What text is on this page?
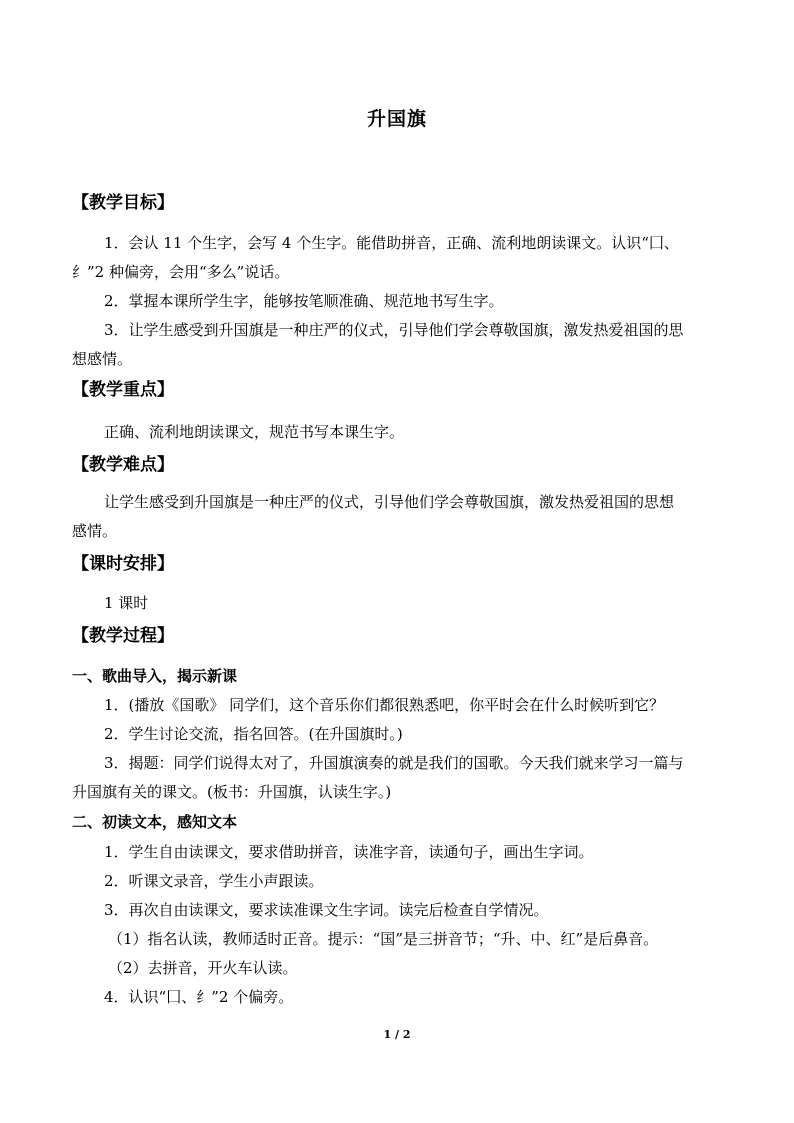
升国旗
【教学目标】
1．会认 11 个生字，会写 4 个生字。能借助拼音，正确、流利地朗读课文。认识“囗、
纟”2 种偏旁，会用“多么”说话。
2．掌握本课所学生字，能够按笔顺准确、规范地书写生字。
3．让学生感受到升国旗是一种庄严的仪式，引导他们学会尊敬国旗，激发热爱祖国的思
想感情。
【教学重点】
正确、流利地朗读课文，规范书写本课生字。
【教学难点】
让学生感受到升国旗是一种庄严的仪式，引导他们学会尊敬国旗，激发热爱祖国的思想
感情。
【课时安排】
1 课时
【教学过程】
一、歌曲导入，揭示新课
1．(播放《国歌》 同学们，这个音乐你们都很熟悉吧，你平时会在什么时候听到它？
2．学生讨论交流，指名回答。(在升国旗时。)
3．揭题：同学们说得太对了，升国旗演奏的就是我们的国歌。今天我们就来学习一篇与
升国旗有关的课文。(板书：升国旗，认读生字。)
二、初读文本，感知文本
1．学生自由读课文，要求借助拼音，读准字音，读通句子，画出生字词。
2．听课文录音，学生小声跟读。
3．再次自由读课文，要求读准课文生字词。读完后检查自学情况。
（1）指名认读，教师适时正音。提示：“国”是三拼音节；“升、中、红”是后鼻音。
（2）去拼音，开火车认读。
4．认识“囗、纟”2 个偏旁。
1 / 2
